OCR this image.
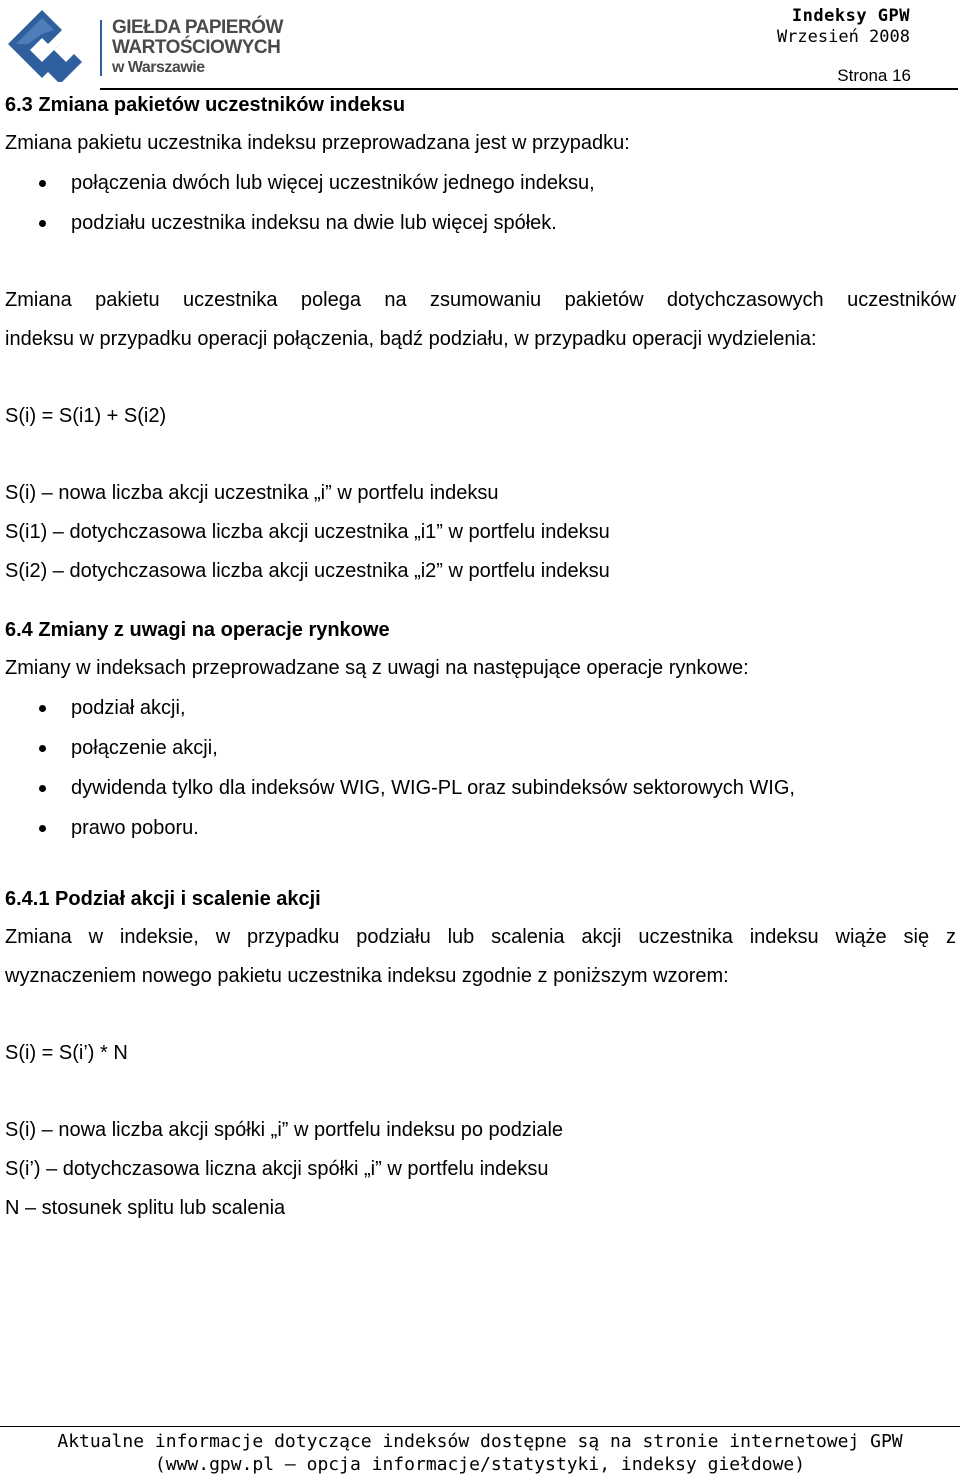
GIEŁDA PAPIERÓW
WARTOŚCIOWYCH
w Warszawie
Indeksy GPW
Wrzesień 2008
Strona 16
6.3 Zmiana pakietów uczestników indeksu

Zmiana pakietu uczestnika indeksu przeprowadzana jest w przypadku:

połączenia dwóch lub więcej uczestników jednego indeksu,
podziału uczestnika indeksu na dwie lub więcej spółek.

Zmiana pakietu uczestnika polega na zsumowaniu pakietów dotychczasowych uczestników

indeksu w przypadku operacji połączenia, bądź podziału, w przypadku operacji wydzielenia:

S(i) = S(i1) + S(i2)

S(i) – nowa liczba akcji uczestnika „i” w portfelu indeksu

S(i1) – dotychczasowa liczba akcji uczestnika „i1” w portfelu indeksu

S(i2) – dotychczasowa liczba akcji uczestnika „i2” w portfelu indeksu

6.4 Zmiany z uwagi na operacje rynkowe

Zmiany w indeksach przeprowadzane są z uwagi na następujące operacje rynkowe:

podział akcji,
połączenie akcji,
dywidenda tylko dla indeksów WIG, WIG-PL oraz subindeksów sektorowych WIG,
prawo poboru.
6.4.1 Podział akcji i scalenie akcji

Zmiana w indeksie, w przypadku podziału lub scalenia akcji uczestnika indeksu wiąże się z

wyznaczeniem nowego pakietu uczestnika indeksu zgodnie z poniższym wzorem:

S(i) = S(i’) * N

S(i) – nowa liczba akcji spółki „i” w portfelu indeksu po podziale

S(i’) – dotychczasowa liczna akcji spółki „i” w portfelu indeksu

N – stosunek splitu lub scalenia

Aktualne informacje dotyczące indeksów dostępne są na stronie internetowej GPW
(www.gpw.pl – opcja informacje/statystyki, indeksy giełdowe)
